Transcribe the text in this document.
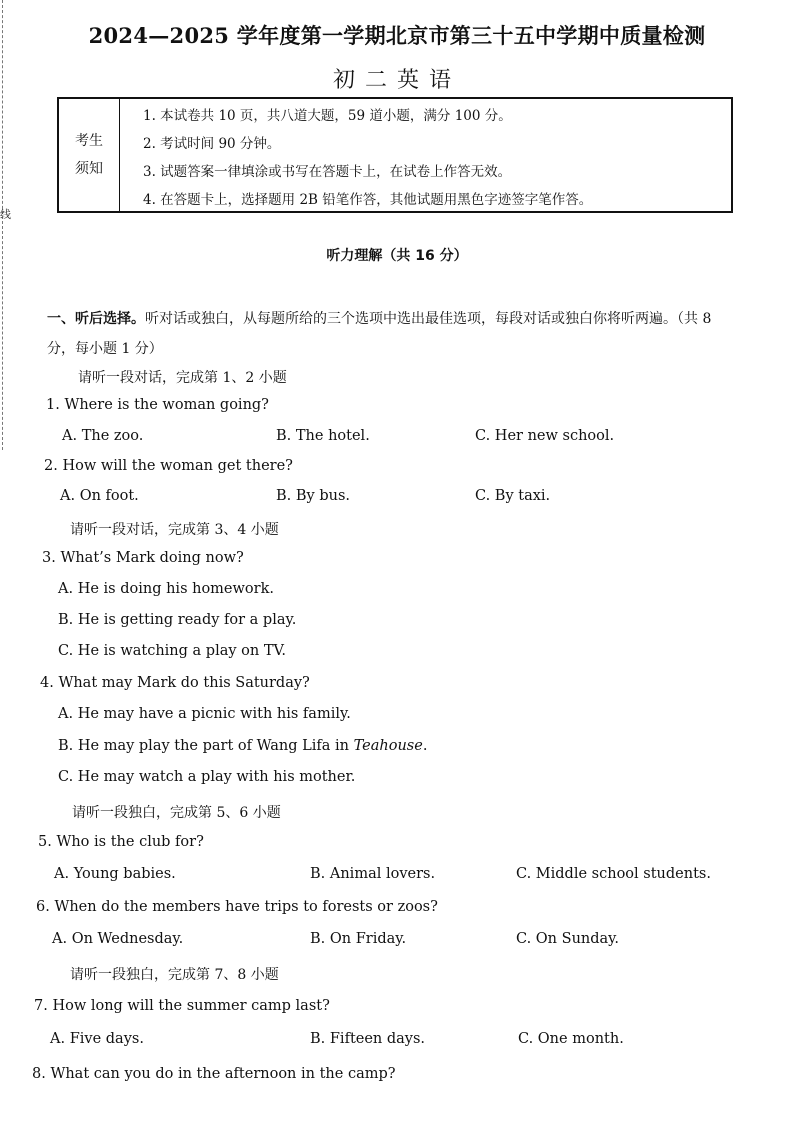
线
2024—2025 学年度第一学期北京市第三十五中学期中质量检测
初二英语
考生
须知
1. 本试卷共 10 页，共八道大题，59 道小题，满分 100 分。
2. 考试时间 90 分钟。
3. 试题答案一律填涂或书写在答题卡上，在试卷上作答无效。
4. 在答题卡上，选择题用 2B 铅笔作答，其他试题用黑色字迹签字笔作答。
听力理解（共 16 分）
一、听后选择。听对话或独白，从每题所给的三个选项中选出最佳选项，每段对话或独白你将听两遍。（共 8 分，每小题 1 分）
请听一段对话，完成第 1、2 小题
1. Where is the woman going?
A. The zoo.	B. The hotel.	C. Her new school.
2. How will the woman get there?
A. On foot.	B. By bus.	C. By taxi.
请听一段对话，完成第 3、4 小题
3. What’s Mark doing now?
A. He is doing his homework.
B. He is getting ready for a play.
C. He is watching a play on TV.
4. What may Mark do this Saturday?
A. He may have a picnic with his family.
B. He may play the part of Wang Lifa in Teahouse.
C. He may watch a play with his mother.
请听一段独白，完成第 5、6 小题
5. Who is the club for?
A. Young babies.	B. Animal lovers.	C. Middle school students.
6. When do the members have trips to forests or zoos?
A. On Wednesday.	B. On Friday.	C. On Sunday.
请听一段独白，完成第 7、8 小题
7. How long will the summer camp last?
A. Five days.	B. Fifteen days.	C. One month.
8. What can you do in the afternoon in the camp?
